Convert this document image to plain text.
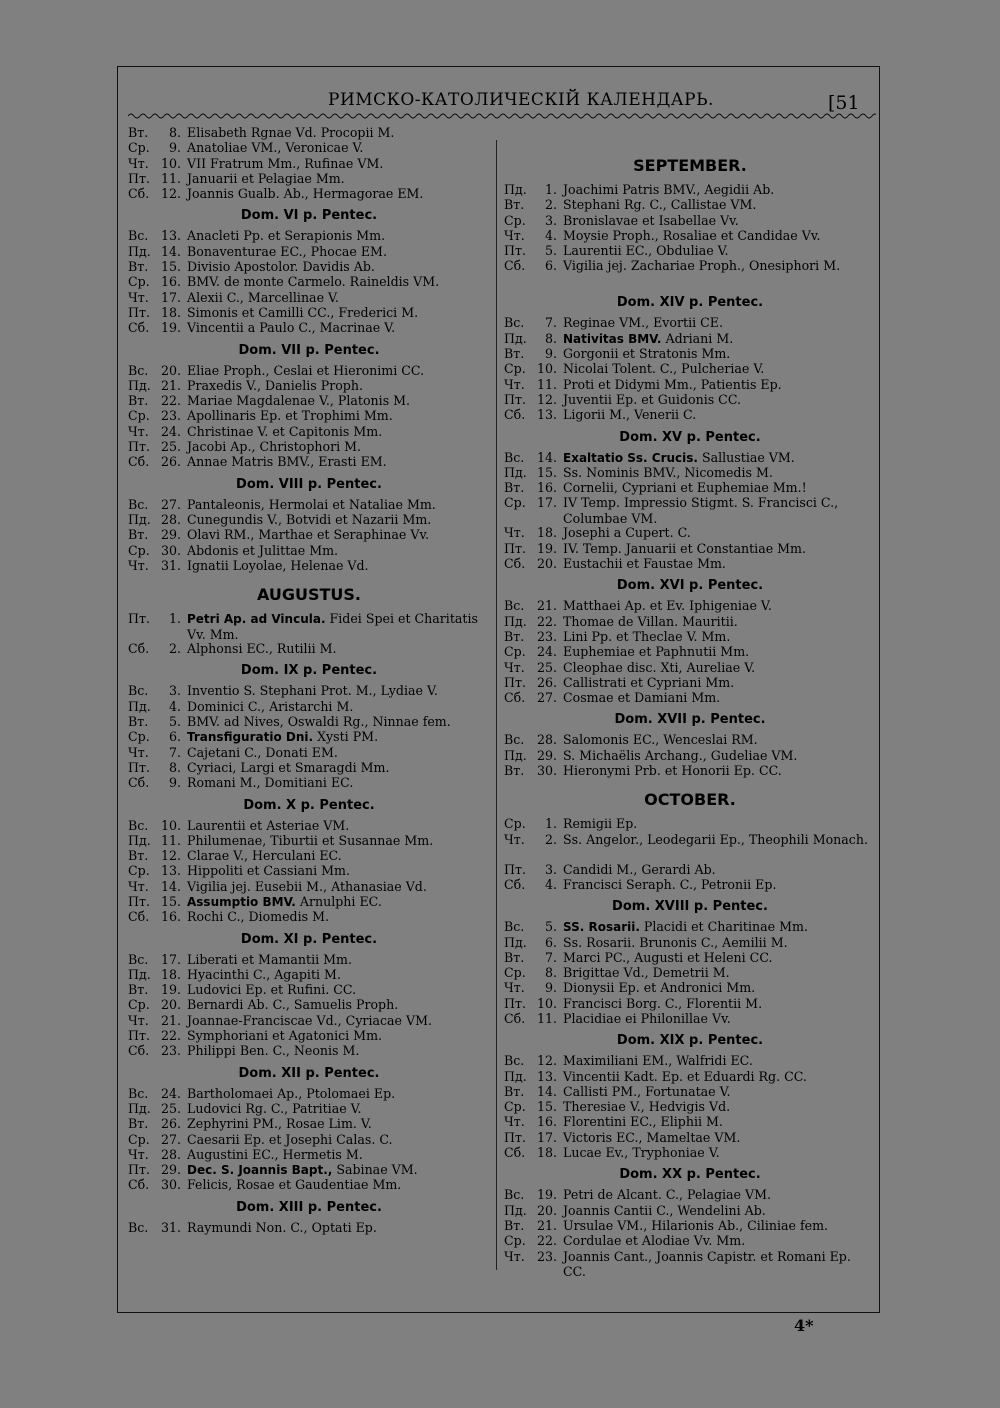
РИМСКО-КАТОЛИЧЕСКІЙ КАЛЕНДАРЬ.	[51
Вт.	8. Elisabeth Rgnae Vd. Procopii M.
Ср.	9. Anatoliae VM., Veronicae V.
Чт. 10. VII Fratrum Mm., Rufinae VM.
Пт. 11. Januarii et Pelagiae Mm.
Сб. 12. Joannis Gualb. Ab., Hermagorae EM.
Dom. VI p. Pentec.
Вс.	13. Anacleti Pp. et Serapionis Mm.
Пд. 14. Bonaventurae EC., Phocae EM.
Вт.	15. Divisio Apostolor. Davidis Ab.
Ср. 16. BMV. de monte Carmelo. Raineldis VM.
Чт. 17. Alexii C., Marcellinae V.
Пт. 18. Simonis et Camilli CC., Frederici M.
Сб. 19. Vincentii a Paulo C., Macrinae V.
Dom. VII p. Pentec.
Вс.	20. Eliae Proph., Ceslai et Hieronimi CC.
Пд. 21. Praxedis V., Danielis Proph.
Вт.	22. Mariae Magdalenae V., Platonis M.
Ср. 23. Apollinaris Ep. et Trophimi Mm.
Чт. 24. Christinae V. et Capitonis Mm.
Пт. 25. Jacobi Ap., Christophori M.
Сб. 26. Annae Matris BMV., Erasti EM.
Dom. VIII p. Pentec.
Вс.	27. Pantaleonis, Hermolai et Nataliae Mm.
Пд. 28. Cunegundis V., Botvidi et Nazarii Mm.
Вт.	29. Olavi RM., Marthae et Seraphinae Vv.
Ср. 30. Abdonis et Julittae Mm.
Чт. 31. Ignatii Loyolae, Helenae Vd.
AUGUSTUS.
Пт.	1. Petri Ap. ad Vincula. Fidei Spei et Charitatis Vv. Mm.
Сб.	2. Alphonsi EC., Rutilii M.
Dom. IX p. Pentec.
Вс.	3. Inventio S. Stephani Prot. M., Lydiae V.
Пд.	4. Dominici C., Aristarchi M.
Вт.	5. BMV. ad Nives, Oswaldi Rg., Ninnae fem.
Ср.	6. Transfiguratio Dni. Xysti PM.
Чт.	7. Cajetani C., Donati EM.
Пт.	8. Cyriaci, Largi et Smaragdi Mm.
Сб.	9. Romani M., Domitiani EC.
Dom. X p. Pentec.
Вс.	10. Laurentii et Asteriae VM.
Пд. 11. Philumenae, Tiburtii et Susannae Mm.
Вт.	12. Clarae V., Herculani EC.
Ср. 13. Hippoliti et Cassiani Mm.
Чт. 14. Vigilia jej. Eusebii M., Athanasiae Vd.
Пт. 15. Assumptio BMV. Arnulphi EC.
Сб. 16. Rochi C., Diomedis M.
Dom. XI p. Pentec.
Вс.	17. Liberati et Mamantii Mm.
Пд. 18. Hyacinthi C., Agapiti M.
Вт.	19. Ludovici Ep. et Rufini. CC.
Ср. 20. Bernardi Ab. C., Samuelis Proph.
Чт. 21. Joannae-Franciscae Vd., Cyriacae VM.
Пт. 22. Symphoriani et Agatonici Mm.
Сб. 23. Philippi Ben. C., Neonis M.
Dom. XII p. Pentec.
Вс.	24. Bartholomaei Ap., Ptolomaei Ep.
Пд. 25. Ludovici Rg. C., Patritiae V.
Вт.	26. Zephyrini PM., Rosae Lim. V.
Ср. 27. Caesarii Ep. et Josephi Calas. C.
Чт. 28. Augustini EC., Hermetis M.
Пт. 29. Dec. S. Joannis Bapt., Sabinae VM.
Сб. 30. Felicis, Rosae et Gaudentiae Mm.
Dom. XIII p. Pentec.
Вс.	31. Raymundi Non. C., Optati Ep.
SEPTEMBER.
Пд.	1. Joachimi Patris BMV., Aegidii Ab.
Вт.	2. Stephani Rg. C., Callistae VM.
Ср.	3. Bronislavae et Isabellae Vv.
Чт.	4. Moysie Proph., Rosaliae et Candidae Vv.
Пт.	5. Laurentii EC., Obduliae V.
Сб.	6. Vigilia jej. Zachariae Proph., Onesiphori M.
Dom. XIV p. Pentec.
Вс.	7. Reginae VM., Evortii CE.
Пд.	8. Nativitas BMV. Adriani M.
Вт.	9. Gorgonii et Stratonis Mm.
Ср. 10. Nicolai Tolent. C., Pulcheriae V.
Чт. 11. Proti et Didymi Mm., Patientis Ep.
Пт. 12. Juventii Ep. et Guidonis CC.
Сб. 13. Ligorii M., Venerii C.
Dom. XV p. Pentec.
Вс.	14. Exaltatio Ss. Crucis. Sallustiae VM.
Пд. 15. Ss. Nominis BMV., Nicomedis M.
Вт.	16. Cornelii, Cypriani et Euphemiae Mm.!
Ср. 17. IV Temp. Impressio Stigmt. S. Francisci C., Columbae VM.
Чт. 18. Josephi a Cupert. C.
Пт. 19. IV. Temp. Januarii et Constantiae Mm.
Сб. 20. Eustachii et Faustae Mm.
Dom. XVI p. Pentec.
Вс.	21. Matthaei Ap. et Ev. Iphigeniae V.
Пд. 22. Thomae de Villan. Mauritii.
Вт.	23. Lini Pp. et Theclae V. Mm.
Ср. 24. Euphemiae et Paphnutii Mm.
Чт. 25. Cleophae disc. Xti, Aureliae V.
Пт. 26. Callistrati et Cypriani Mm.
Сб. 27. Cosmae et Damiani Mm.
Dom. XVII p. Pentec.
Вс.	28. Salomonis EC., Wenceslai RM.
Пд. 29. S. Michaëlis Archang., Gudeliae VM.
Вт.	30. Hieronymi Prb. et Honorii Ep. CC.
OCTOBER.
Ср.	1. Remigii Ep.
Чт.	2. Ss. Angelor., Leodegarii Ep., Theophili Monach.
Пт.	3. Candidi M., Gerardi Ab.
Сб.	4. Francisci Seraph. C., Petronii Ep.
Dom. XVIII p. Pentec.
Вс.	5. SS. Rosarii. Placidi et Charitinae Mm.
Пд.	6. Ss. Rosarii. Brunonis C., Aemilii M.
Вт.	7. Marci PC., Augusti et Heleni CC.
Ср.	8. Brigittae Vd., Demetrii M.
Чт.	9. Dionysii Ep. et Andronici Mm.
Пт. 10. Francisci Borg. C., Florentii M.
Сб. 11. Placidiae ei Philonillae Vv.
Dom. XIX p. Pentec.
Вс.	12. Maximiliani EM., Walfridi EC.
Пд. 13. Vincentii Kadt. Ep. et Eduardi Rg. CC.
Вт.	14. Callisti PM., Fortunatae V.
Ср. 15. Theresiae V., Hedvigis Vd.
Чт. 16. Florentini EC., Eliphii M.
Пт. 17. Victoris EC., Mameltae VM.
Сб. 18. Lucae Ev., Tryphoniae V.
Dom. XX p. Pentec.
Вс.	19. Petri de Alcant. C., Pelagiae VM.
Пд. 20. Joannis Cantii C., Wendelini Ab.
Вт.	21. Ursulae VM., Hilarionis Ab., Ciliniae fem.
Ср. 22. Cordulae et Alodiae Vv. Mm.
Чт. 23. Joannis Cant., Joannis Capistr. et Romani Ep. CC.
4*
